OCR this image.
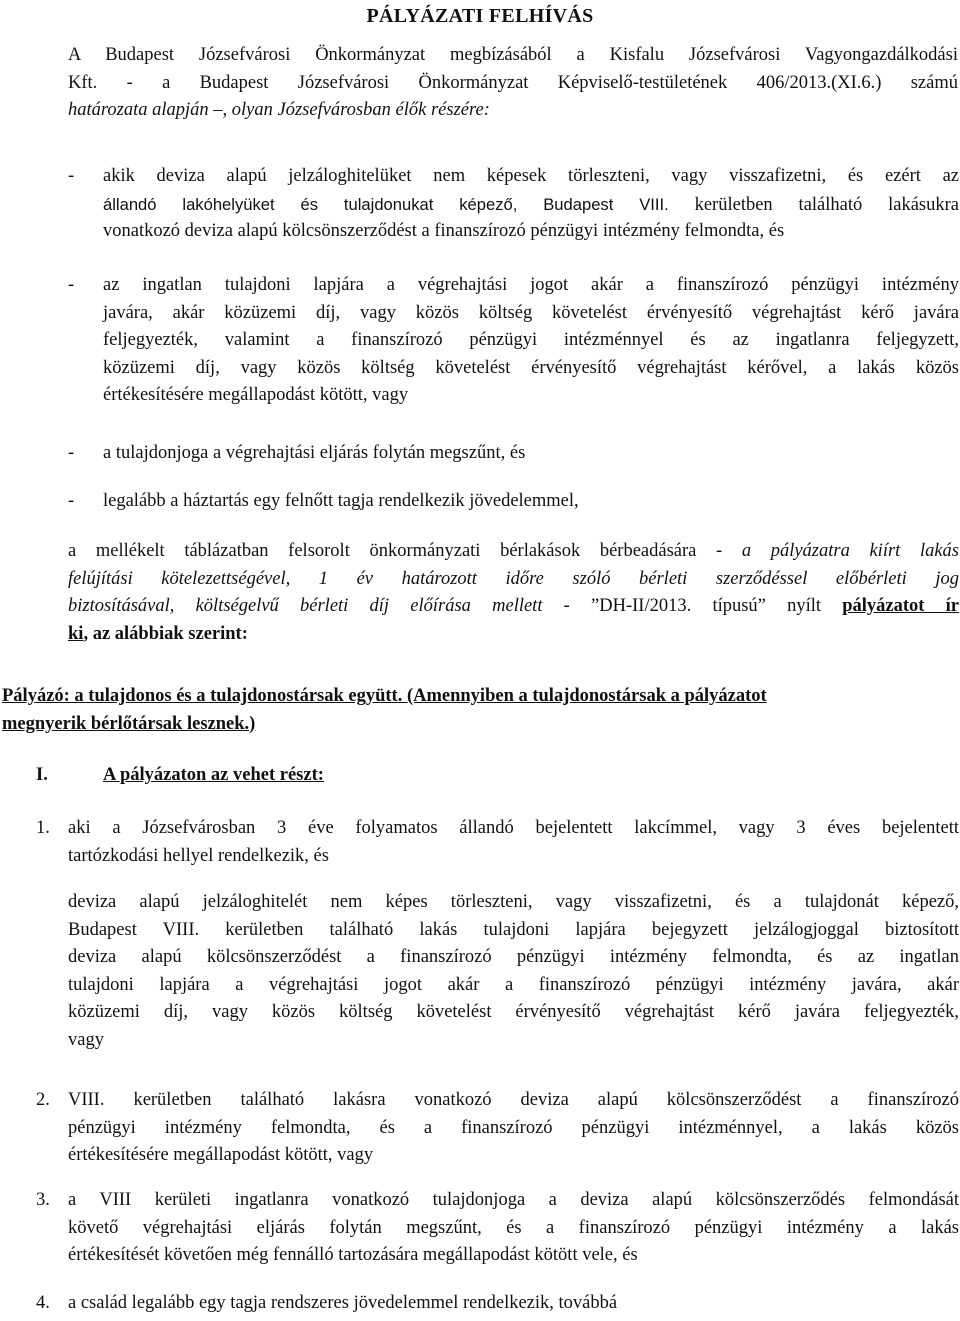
PÁLYÁZATI FELHÍVÁS
A Budapest Józsefvárosi Önkormányzat megbízásából a Kisfalu Józsefvárosi Vagyongazdálkodási
Kft. - a Budapest Józsefvárosi Önkormányzat Képviselő-testületének 406/2013.(XI.6.) számú
határozata alapján –, olyan Józsefvárosban élők részére:
- akik deviza alapú jelzáloghitelüket nem képesek törleszteni, vagy visszafizetni, és ezért az
állandó lakóhelyüket és tulajdonukat képező, Budapest VIII. kerületben található lakásukra
vonatkozó deviza alapú kölcsönszerződést a finanszírozó pénzügyi intézmény felmondta, és
- az ingatlan tulajdoni lapjára a végrehajtási jogot akár a finanszírozó pénzügyi intézmény
javára, akár közüzemi díj, vagy közös költség követelést érvényesítő végrehajtást kérő javára
feljegyezték, valamint a finanszírozó pénzügyi intézménnyel és az ingatlanra feljegyzett,
közüzemi díj, vagy közös költség követelést érvényesítő végrehajtást kérővel, a lakás közös
értékesítésére megállapodást kötött, vagy
- a tulajdonjoga a végrehajtási eljárás folytán megszűnt, és
- legalább a háztartás egy felnőtt tagja rendelkezik jövedelemmel,
a mellékelt táblázatban felsorolt önkormányzati bérlakások bérbeadására - a pályázatra kiírt lakás
felújítási kötelezettségével, 1 év határozott időre szóló bérleti szerződéssel előbérleti jog
biztosításával, költségelvű bérleti díj előírása mellett - ”DH-II/2013. típusú” nyílt pályázatot ír
ki, az alábbiak szerint:
Pályázó: a tulajdonos és a tulajdonostársak együtt. (Amennyiben a tulajdonostársak a pályázatot
megnyerik bérlőtársak lesznek.)
I.	A pályázaton az vehet részt:
1. aki a Józsefvárosban 3 éve folyamatos állandó bejelentett lakcímmel, vagy 3 éves bejelentett
tartózkodási hellyel rendelkezik, és
deviza alapú jelzáloghitelét nem képes törleszteni, vagy visszafizetni, és a tulajdonát képező,
Budapest VIII. kerületben található lakás tulajdoni lapjára bejegyzett jelzálogjoggal biztosított
deviza alapú kölcsönszerződést a finanszírozó pénzügyi intézmény felmondta, és az ingatlan
tulajdoni lapjára a végrehajtási jogot akár a finanszírozó pénzügyi intézmény javára, akár
közüzemi díj, vagy közös költség követelést érvényesítő végrehajtást kérő javára feljegyezték,
vagy
2. VIII. kerületben található lakásra vonatkozó deviza alapú kölcsönszerződést a finanszírozó
pénzügyi intézmény felmondta, és a finanszírozó pénzügyi intézménnyel, a lakás közös
értékesítésére megállapodást kötött, vagy
3. a VIII kerületi ingatlanra vonatkozó tulajdonjoga a deviza alapú kölcsönszerződés felmondását
követő végrehajtási eljárás folytán megszűnt, és a finanszírozó pénzügyi intézmény a lakás
értékesítését követően még fennálló tartozására megállapodást kötött vele, és
4. a család legalább egy tagja rendszeres jövedelemmel rendelkezik, továbbá
